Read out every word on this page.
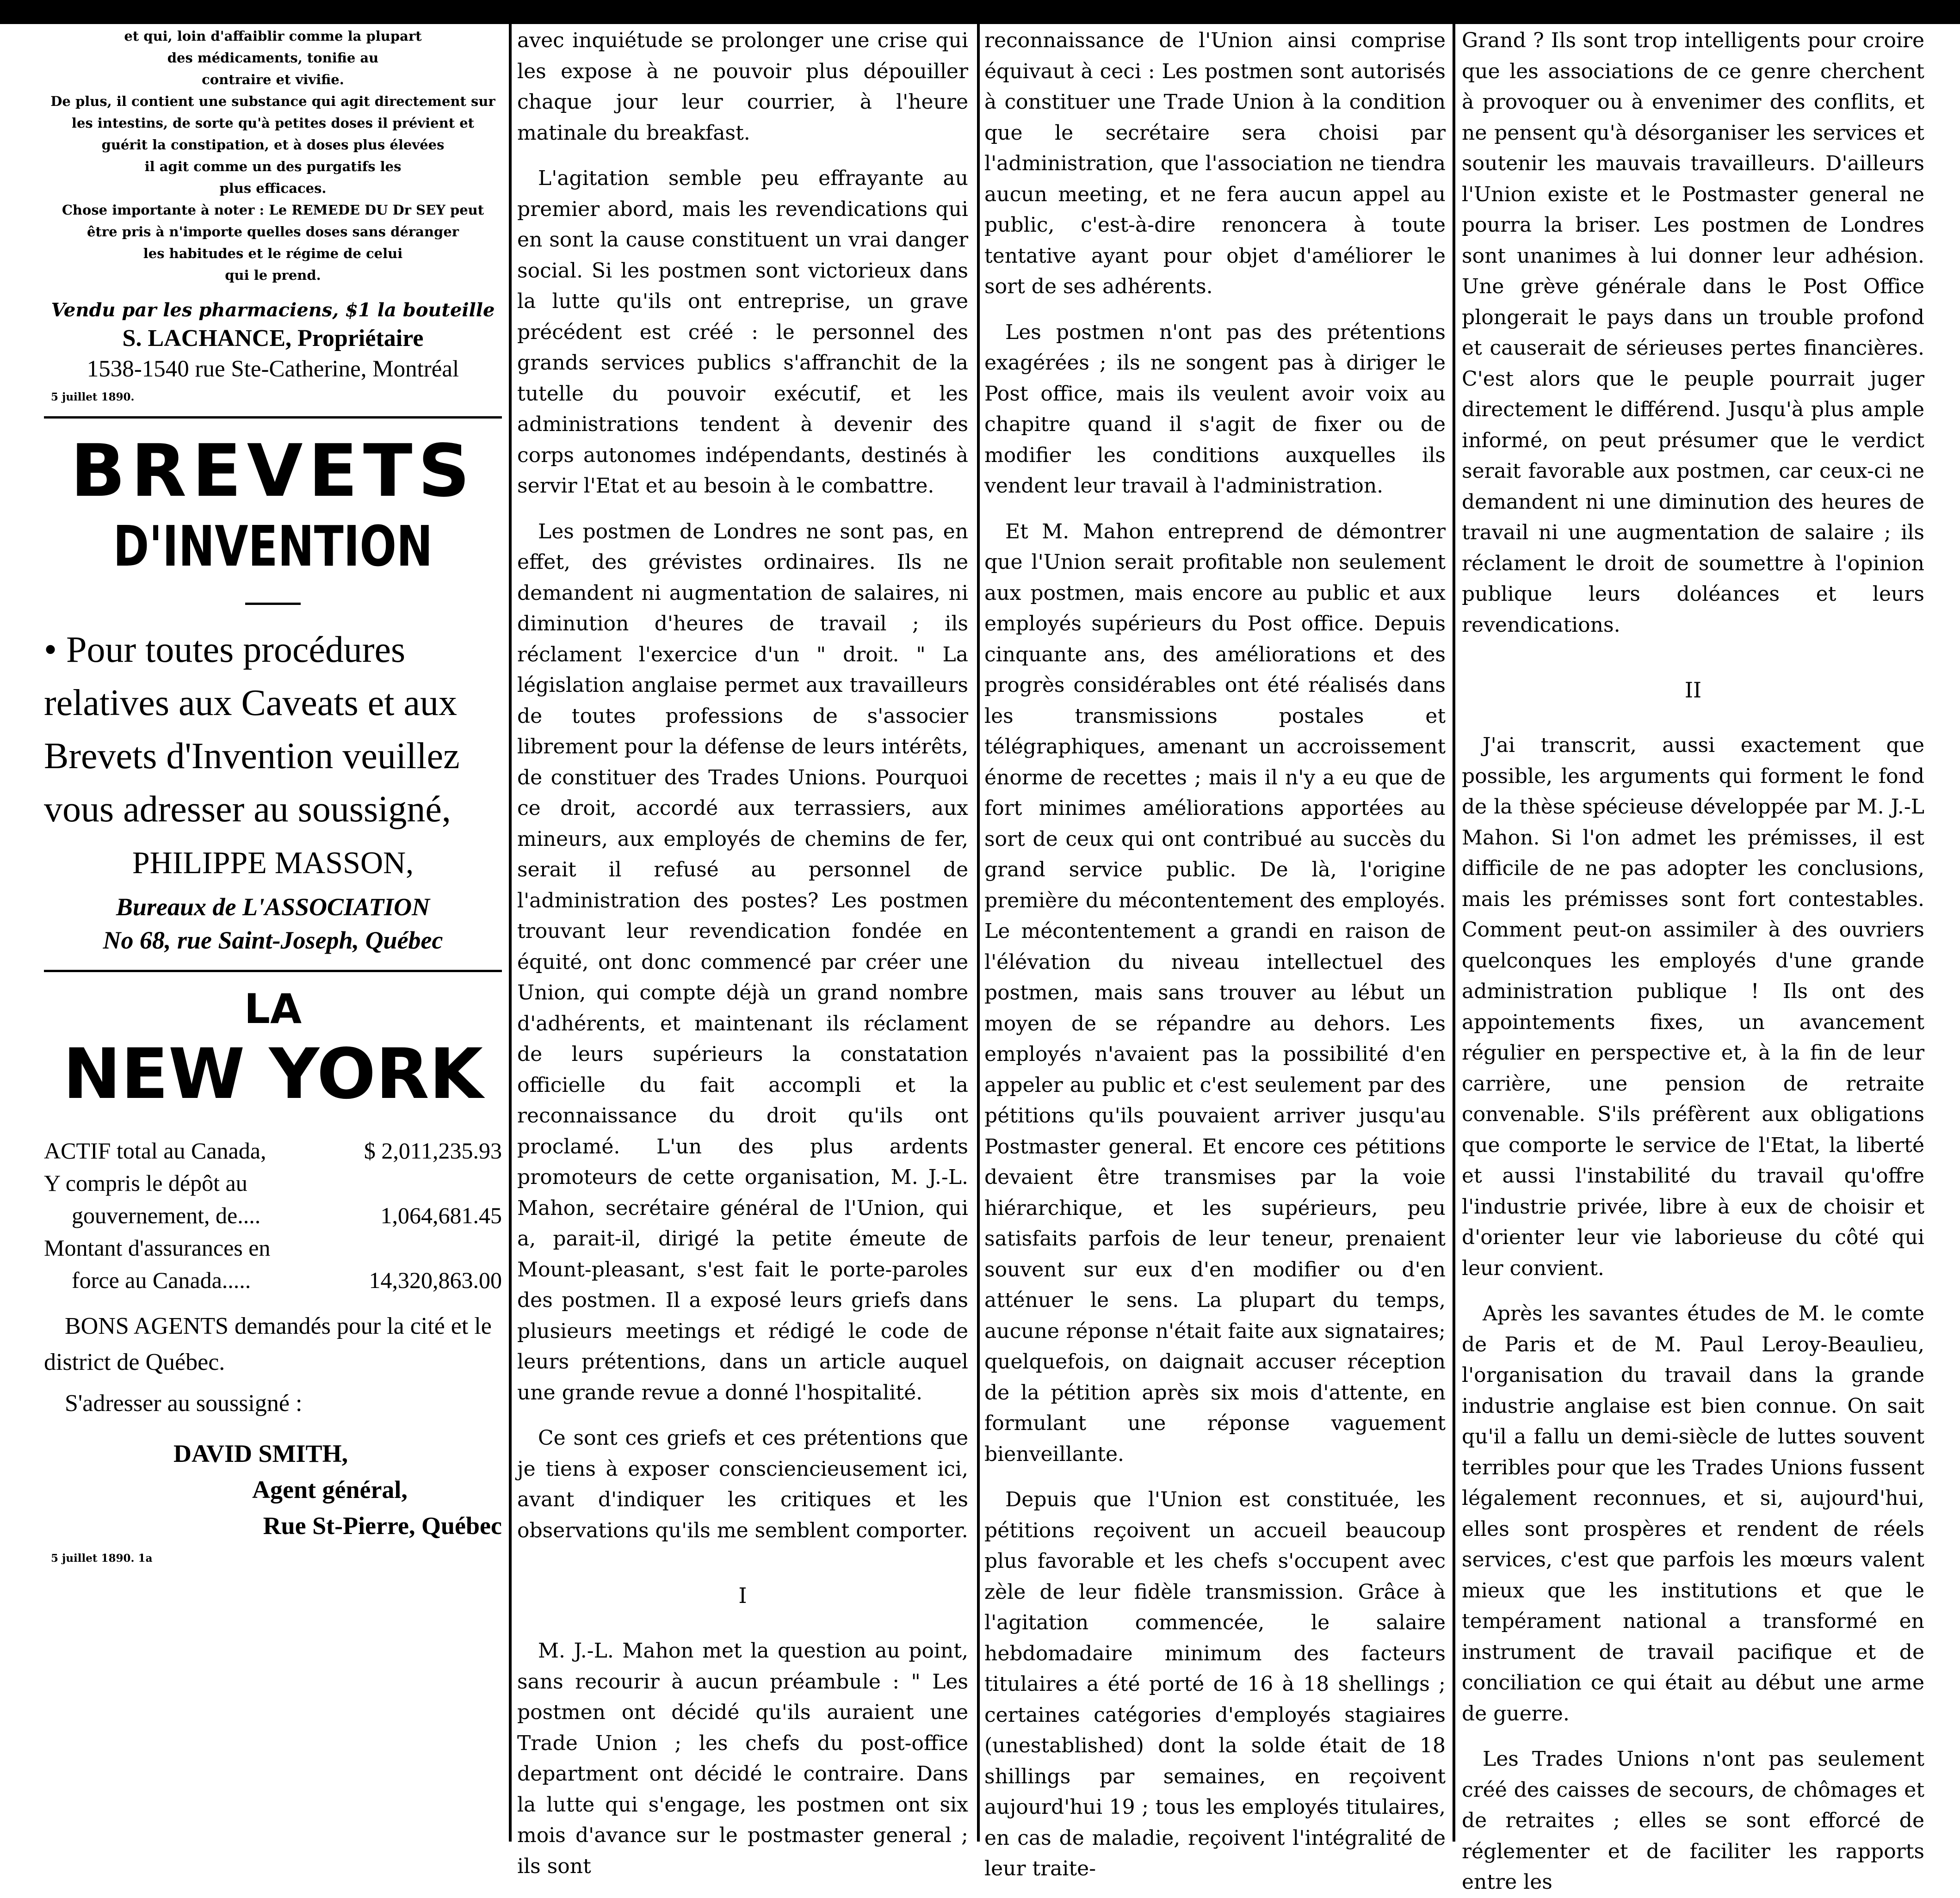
et qui, loin d'affaiblir comme la plupart
des médicaments, tonifie au
contraire et vivifie.
De plus, il contient une substance qui agit directement sur
les intestins, de sorte qu'à petites doses il prévient et
guérit la constipation, et à doses plus élevées
il agit comme un des purgatifs les
plus efficaces.
Chose importante à noter : Le REMEDE DU Dr SEY peut
être pris à n'importe quelles doses sans déranger
les habitudes et le régime de celui
qui le prend.
Vendu par les pharmaciens, $1 la bouteille
S. LACHANCE, Propriétaire
1538-1540 rue Ste-Catherine, Montréal
5 juillet 1890.
BREVETS
D'INVENTION
• Pour toutes procédures relatives aux Caveats et aux Brevets d'Invention veuillez vous adresser au soussigné,
PHILIPPE MASSON,
Bureaux de L'ASSOCIATION
No 68, rue Saint-Joseph, Québec
LA
NEW YORK
ACTIF total au Canada,	$ 2,011,235.93
Y compris le dépôt au
gouvernement, de....	1,064,681.45
Montant d'assurances en
force au Canada.....	14,320,863.00
BONS AGENTS demandés pour la cité et le district de Québec.
S'adresser au soussigné :
DAVID SMITH,
Agent général,
Rue St-Pierre, Québec
5 juillet 1890. 1a

avec inquiétude se prolonger une crise qui les expose à ne pouvoir plus dépouiller chaque jour leur courrier, à l'heure matinale du breakfast.

L'agitation semble peu effrayante au premier abord, mais les revendications qui en sont la cause constituent un vrai danger social. Si les postmen sont victorieux dans la lutte qu'ils ont entreprise, un grave précédent est créé : le personnel des grands services publics s'affranchit de la tutelle du pouvoir exécutif, et les administrations tendent à devenir des corps autonomes indépendants, destinés à servir l'Etat et au besoin à le combattre.

Les postmen de Londres ne sont pas, en effet, des grévistes ordinaires. Ils ne demandent ni augmentation de salaires, ni diminution d'heures de travail ; ils réclament l'exercice d'un " droit. " La législation anglaise permet aux travailleurs de toutes professions de s'associer librement pour la défense de leurs intérêts, de constituer des Trades Unions. Pourquoi ce droit, accordé aux terrassiers, aux mineurs, aux employés de chemins de fer, serait il refusé au personnel de l'administration des postes? Les postmen trouvant leur revendication fondée en équité, ont donc commencé par créer une Union, qui compte déjà un grand nombre d'adhérents, et maintenant ils réclament de leurs supérieurs la constatation officielle du fait accompli et la reconnaissance du droit qu'ils ont proclamé. L'un des plus ardents promoteurs de cette organisation, M. J.-L. Mahon, secrétaire général de l'Union, qui a, parait-il, dirigé la petite émeute de Mount-pleasant, s'est fait le porte-paroles des postmen. Il a exposé leurs griefs dans plusieurs meetings et rédigé le code de leurs prétentions, dans un article auquel une grande revue a donné l'hospitalité.

Ce sont ces griefs et ces prétentions que je tiens à exposer consciencieusement ici, avant d'indiquer les critiques et les observations qu'ils me semblent comporter.

I

M. J.-L. Mahon met la question au point, sans recourir à aucun préambule : " Les postmen ont décidé qu'ils auraient une Trade Union ; les chefs du post-office department ont décidé le contraire. Dans la lutte qui s'engage, les postmen ont six mois d'avance sur le postmaster general ; ils sont

reconnaissance de l'Union ainsi comprise équivaut à ceci : Les postmen sont autorisés à constituer une Trade Union à la condition que le secrétaire sera choisi par l'administration, que l'association ne tiendra aucun meeting, et ne fera aucun appel au public, c'est-à-dire renoncera à toute tentative ayant pour objet d'améliorer le sort de ses adhérents.

Les postmen n'ont pas des prétentions exagérées ; ils ne songent pas à diriger le Post office, mais ils veulent avoir voix au chapitre quand il s'agit de fixer ou de modifier les conditions auxquelles ils vendent leur travail à l'administration.

Et M. Mahon entreprend de démontrer que l'Union serait profitable non seulement aux postmen, mais encore au public et aux employés supérieurs du Post office. Depuis cinquante ans, des améliorations et des progrès considérables ont été réalisés dans les transmissions postales et télégraphiques, amenant un accroissement énorme de recettes ; mais il n'y a eu que de fort minimes améliorations apportées au sort de ceux qui ont contribué au succès du grand service public. De là, l'origine première du mécontentement des employés. Le mécontentement a grandi en raison de l'élévation du niveau intellectuel des postmen, mais sans trouver au lébut un moyen de se répandre au dehors. Les employés n'avaient pas la possibilité d'en appeler au public et c'est seulement par des pétitions qu'ils pouvaient arriver jusqu'au Postmaster general. Et encore ces pétitions devaient être transmises par la voie hiérarchique, et les supérieurs, peu satisfaits parfois de leur teneur, prenaient souvent sur eux d'en modifier ou d'en atténuer le sens. La plupart du temps, aucune réponse n'était faite aux signataires; quelquefois, on daignait accuser réception de la pétition après six mois d'attente, en formulant une réponse vaguement bienveillante.

Depuis que l'Union est constituée, les pétitions reçoivent un accueil beaucoup plus favorable et les chefs s'occupent avec zèle de leur fidèle transmission. Grâce à l'agitation commencée, le salaire hebdomadaire minimum des facteurs titulaires a été porté de 16 à 18 shellings ; certaines catégories d'employés stagiaires (unestablished) dont la solde était de 18 shillings par semaines, en reçoivent aujourd'hui 19 ; tous les employés titulaires, en cas de maladie, reçoivent l'intégralité de leur traite-

Grand ? Ils sont trop intelligents pour croire que les associations de ce genre cherchent à provoquer ou à envenimer des conflits, et ne pensent qu'à désorganiser les services et soutenir les mauvais travailleurs. D'ailleurs l'Union existe et le Postmaster general ne pourra la briser. Les postmen de Londres sont unanimes à lui donner leur adhésion. Une grève générale dans le Post Office plongerait le pays dans un trouble profond et causerait de sérieuses pertes financières. C'est alors que le peuple pourrait juger directement le différend. Jusqu'à plus ample informé, on peut présumer que le verdict serait favorable aux postmen, car ceux-ci ne demandent ni une diminution des heures de travail ni une augmentation de salaire ; ils réclament le droit de soumettre à l'opinion publique leurs doléances et leurs revendications.

II

J'ai transcrit, aussi exactement que possible, les arguments qui forment le fond de la thèse spécieuse développée par M. J.-L Mahon. Si l'on admet les prémisses, il est difficile de ne pas adopter les conclusions, mais les prémisses sont fort contestables. Comment peut-on assimiler à des ouvriers quelconques les employés d'une grande administration publique ! Ils ont des appointements fixes, un avancement régulier en perspective et, à la fin de leur carrière, une pension de retraite convenable. S'ils préfèrent aux obligations que comporte le service de l'Etat, la liberté et aussi l'instabilité du travail qu'offre l'industrie privée, libre à eux de choisir et d'orienter leur vie laborieuse du côté qui leur convient.

Après les savantes études de M. le comte de Paris et de M. Paul Leroy-Beaulieu, l'organisation du travail dans la grande industrie anglaise est bien connue. On sait qu'il a fallu un demi-siècle de luttes souvent terribles pour que les Trades Unions fussent légalement reconnues, et si, aujourd'hui, elles sont prospères et rendent de réels services, c'est que parfois les mœurs valent mieux que les institutions et que le tempérament national a transformé en instrument de travail pacifique et de conciliation ce qui était au début une arme de guerre.

Les Trades Unions n'ont pas seulement créé des caisses de secours, de chômages et de retraites ; elles se sont efforcé de réglementer et de faciliter les rapports entre les
